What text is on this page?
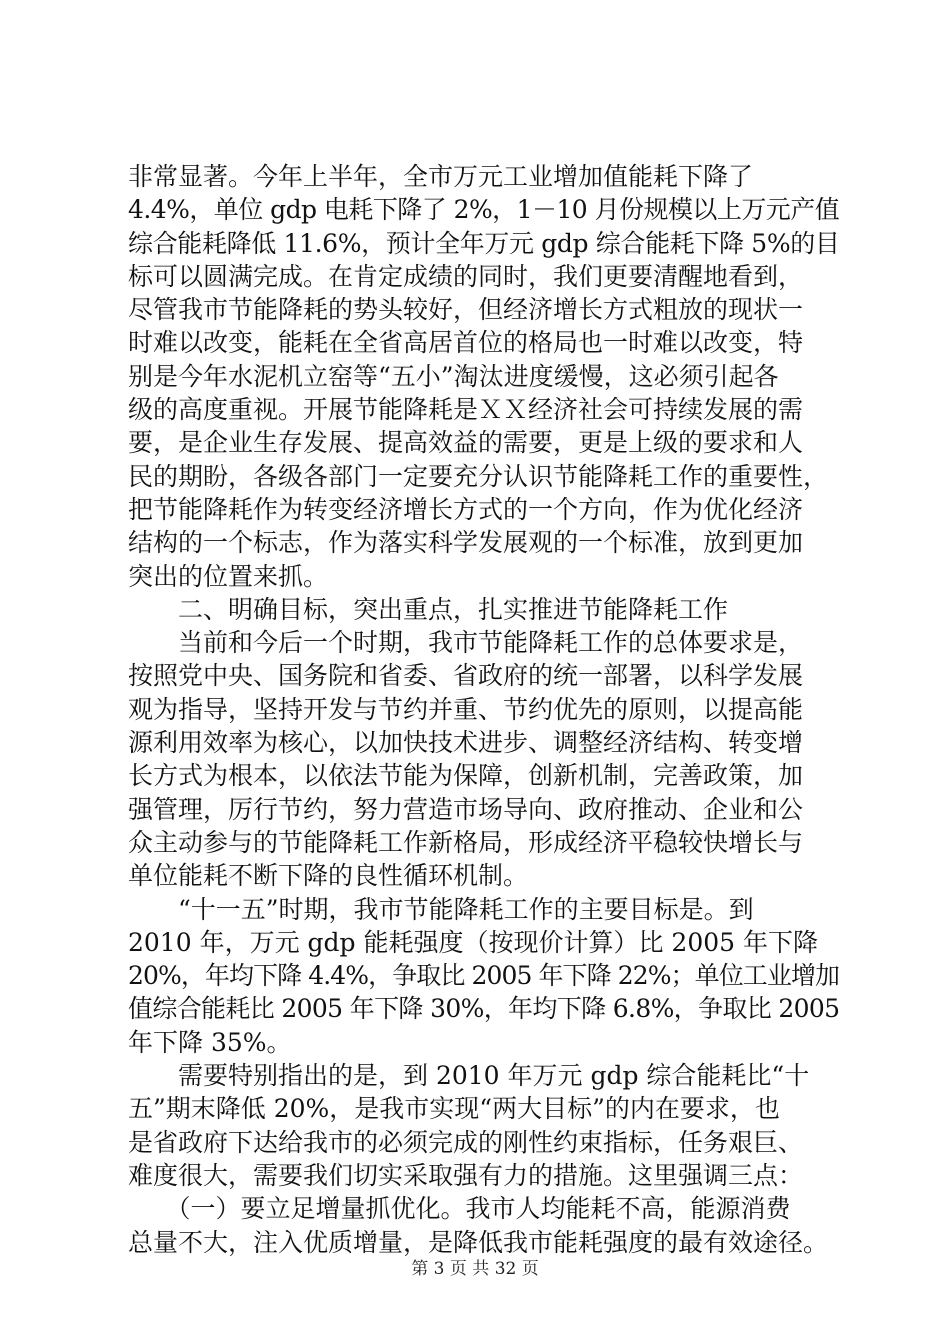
非常显著。今年上半年，全市万元工业增加值能耗下降了
4.4%，单位 gdp 电耗下降了 2%，1－10 月份规模以上万元产值
综合能耗降低 11.6%，预计全年万元 gdp 综合能耗下降 5%的目
标可以圆满完成。在肯定成绩的同时，我们更要清醒地看到，
尽管我市节能降耗的势头较好，但经济增长方式粗放的现状一
时难以改变，能耗在全省高居首位的格局也一时难以改变，特
别是今年水泥机立窑等“五小”淘汰进度缓慢，这必须引起各
级的高度重视。开展节能降耗是ＸＸ经济社会可持续发展的需
要，是企业生存发展、提高效益的需要，更是上级的要求和人
民的期盼，各级各部门一定要充分认识节能降耗工作的重要性，
把节能降耗作为转变经济增长方式的一个方向，作为优化经济
结构的一个标志，作为落实科学发展观的一个标准，放到更加
突出的位置来抓。
　　二、明确目标，突出重点，扎实推进节能降耗工作
　　当前和今后一个时期，我市节能降耗工作的总体要求是，
按照党中央、国务院和省委、省政府的统一部署，以科学发展
观为指导，坚持开发与节约并重、节约优先的原则，以提高能
源利用效率为核心，以加快技术进步、调整经济结构、转变增
长方式为根本，以依法节能为保障，创新机制，完善政策，加
强管理，厉行节约，努力营造市场导向、政府推动、企业和公
众主动参与的节能降耗工作新格局，形成经济平稳较快增长与
单位能耗不断下降的良性循环机制。
　　“十一五”时期，我市节能降耗工作的主要目标是。到
2010 年，万元 gdp 能耗强度（按现价计算）比 2005 年下降
20%，年均下降 4.4%，争取比 2005 年下降 22%；单位工业增加
值综合能耗比 2005 年下降 30%，年均下降 6.8%，争取比 2005
年下降 35%。
　　需要特别指出的是，到 2010 年万元 gdp 综合能耗比“十
五”期末降低 20%，是我市实现“两大目标”的内在要求，也
是省政府下达给我市的必须完成的刚性约束指标，任务艰巨、
难度很大，需要我们切实采取强有力的措施。这里强调三点：
　　（一）要立足增量抓优化。我市人均能耗不高，能源消费
总量不大，注入优质增量，是降低我市能耗强度的最有效途径。
第 3 页 共 32 页
